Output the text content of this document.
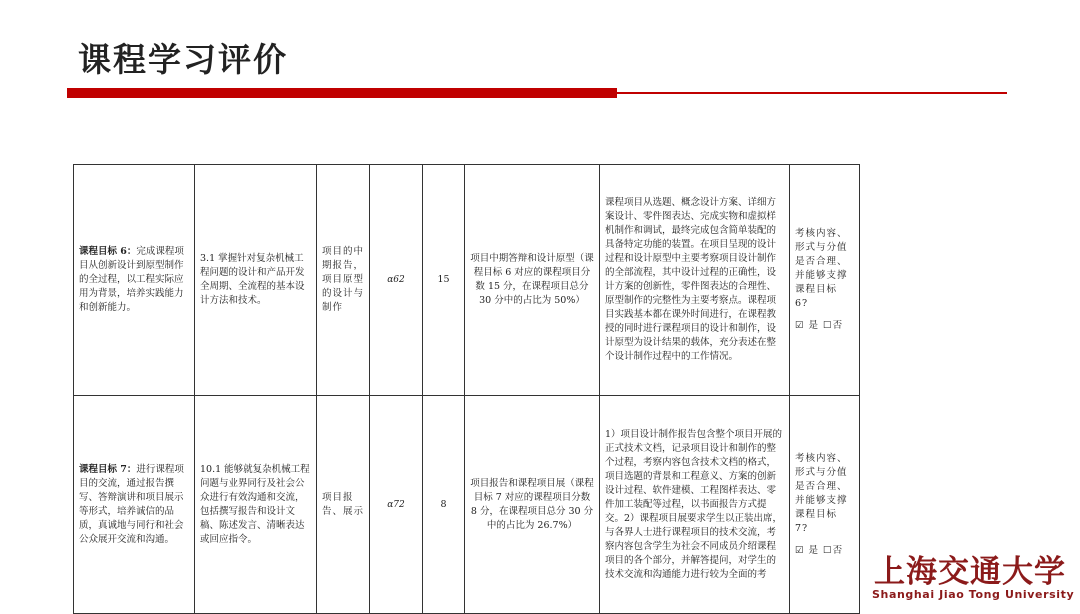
课程学习评价
课程目标 6：完成课程项目从创新设计到原型制作的全过程，以工程实际应用为背景，培养实践能力和创新能力。	3.1 掌握针对复杂机械工程问题的设计和产品开发全周期、全流程的基本设计方法和技术。	项目的中期报告，项目原型的设计与制作	α62	15	项目中期答辩和设计原型（课程目标 6 对应的课程项目分数 15 分，在课程项目总分 30 分中的占比为 50%）	课程项目从选题、概念设计方案、详细方案设计、零件图表达、完成实物和虚拟样机制作和调试，最终完成包含简单装配的具备特定功能的装置。在项目呈现的设计过程和设计原型中主要考察项目设计制作的全部流程，其中设计过程的正确性，设计方案的创新性，零件图表达的合理性、原型制作的完整性为主要考察点。课程项目实践基本都在课外时间进行，在课程教授的同时进行课程项目的设计和制作，设计原型为设计结果的载体，充分表述在整个设计制作过程中的工作情况。	考核内容、形式与分值是否合理、并能够支撑课程目标 6?
☑ 是 ☐否

课程目标 7：进行课程项目的交流，通过报告撰写、答辩演讲和项目展示等形式，培养诚信的品质，真诚地与同行和社会公众展开交流和沟通。	10.1 能够就复杂机械工程问题与业界同行及社会公众进行有效沟通和交流，包括撰写报告和设计文稿、陈述发言、清晰表达或回应指令。	项目报告、展示	α72	8	项目报告和课程项目展（课程目标 7 对应的课程项目分数 8 分，在课程项目总分 30 分中的占比为 26.7%）	1）项目设计制作报告包含整个项目开展的正式技术文档，记录项目设计和制作的整个过程，考察内容包含技术文档的格式，项目选题的背景和工程意义、方案的创新设计过程、软件建模、工程图样表达、零件加工装配等过程，以书面报告方式提交。2）课程项目展要求学生以正装出席，与各界人士进行课程项目的技术交流，考察内容包含学生为社会不同成员介绍课程项目的各个部分，并解答提问，对学生的技术交流和沟通能力进行较为全面的考	考核内容、形式与分值是否合理、并能够支撑课程目标 7?
☑ 是 ☐否
上海交通大学
Shanghai Jiao Tong University
